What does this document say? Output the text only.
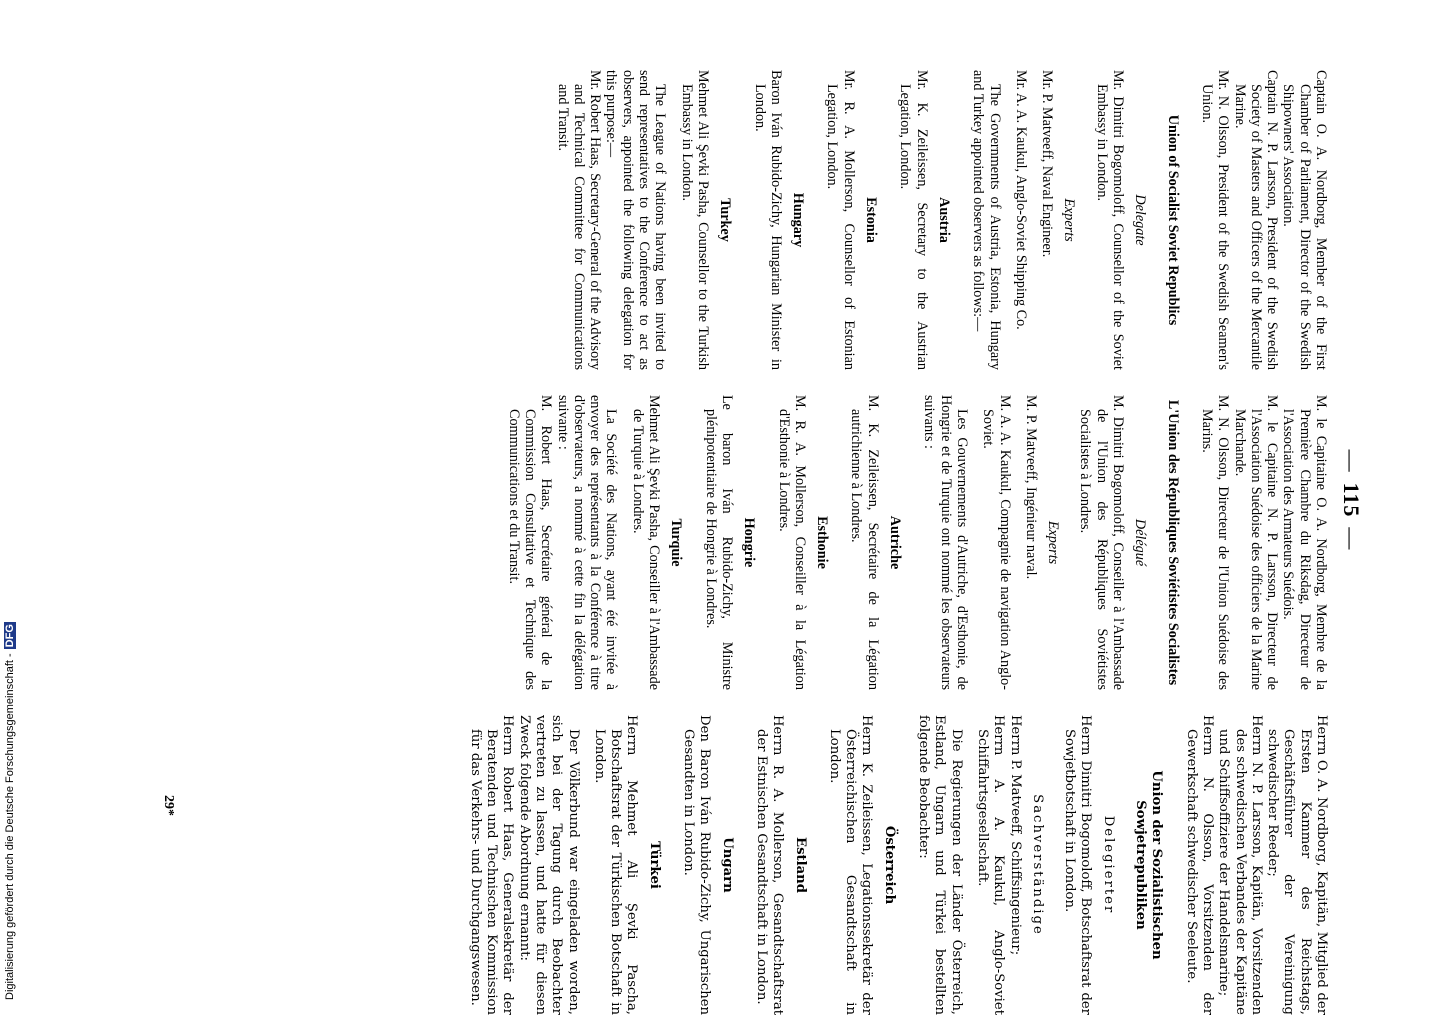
—115—

Captain O. A. Nordborg, Member of the First Chamber of Parliament, Director of the Swedish Shipowners' Association.

Captain N. P. Larsson, President of the Swedish Society of Masters and Officers of the Mercantile Marine.

Mr. N. Olsson, President of the Swedish Seamen's Union.

Union of Socialist Soviet Republics
Delegate

Mr. Dimitri Bogomoloff, Counsellor of the Soviet Embassy in London.

Experts

Mr. P. Matveeff, Naval Engineer.

Mr. A. A. Kaukul, Anglo-Soviet Shipping Co.

The Governments of Austria, Estonia, Hungary and Turkey appointed observers as follows:—

Austria

Mr. K. Zeileissen, Secretary to the Austrian Legation, London.

Estonia

Mr. R. A. Mollerson, Counsellor of Estonian Legation, London.

Hungary

Baron Iván Rubido-Zichy, Hungarian Minister in London.

Turkey

Mehmet Ali Şevki Pasha, Counsellor to the Turkish Embassy in London.

The League of Nations having been invited to send representatives to the Conference to act as observers, appointed the following delegation for this purpose:—

Mr. Robert Haas, Secretary-General of the Advisory and Technical Committee for Communications and Transit.

M. le Capitaine O. A. Nordborg, Membre de la Première Chambre du Riksdag, Directeur de l'Association des Armateurs Suédois.

M. le Capitaine N. P. Larsson, Directeur de l'Association Suédoise des officiers de la Marine Marchande.

M. N. Olsson, Directeur de l'Union Suédoise des Marins.

L'Union des Républiques Soviétistes Socialistes
Délégué

M. Dimitri Bogomoloff, Conseiller à l'Ambassade de l'Union des Républiques Soviétistes Socialistes à Londres.

Experts

M. P. Matveeff, Ingénieur naval.

M. A. A. Kaukul, Compagnie de navigation Anglo-Soviet.

Les Gouvernements d'Autriche, d'Esthonie, de Hongrie et de Turquie ont nommé les observateurs suivants :

Autriche

M. K. Zeileissen, Secrétaire de la Légation autrichienne à Londres.

Esthonie

M. R. A. Mollerson, Conseiller à la Légation d'Esthonie à Londres.

Hongrie

Le baron Iván Rubido-Zichy, Ministre plénipotentiaire de Hongrie à Londres.

Turquie

Mehmet Ali Şevki Pasha, Conseiller à l'Ambassade de Turquie à Londres.

La Société des Nations, ayant été invitée à envoyer des représentants à la Conférence à titre d'observateurs, a nommé à cette fin la délégation suivante :

M. Robert Haas, Secrétaire général de la Commission Consultative et Technique des Communications et du Transit.

Herrn O. A. Nordborg, Kapitän, Mitglied der Ersten Kammer des Reichstags, Geschäftsführer der Vereinigung schwedischer Reeder;

Herrn N. P. Larsson, Kapitän, Vorsitzenden des schwedischen Verbandes der Kapitäne und Schiffsoffiziere der Handelsmarine;

Herrn N. Olsson, Vorsitzenden der Gewerkschaft schwedischer Seeleute.

Union der Sozialistischen Sowjetrepubliken
Delegierter

Herrn Dimitri Bogomoloff, Botschaftsrat der Sowjetbotschaft in London.

Sachverständige

Herrn P. Matveeff, Schiffsingenieur;

Herrn A. A. Kaukul, Anglo-Soviet Schiffahrtsgesellschaft.

Die Regierungen der Länder Österreich, Estland, Ungarn und Türkei bestellten folgende Beobachter:

Österreich

Herrn K. Zeileissen, Legationssekretär der Österreichischen Gesandtschaft in London.

Estland

Herrn R. A. Mollerson, Gesandtschaftsrat der Estnischen Gesandtschaft in London.

Ungarn

Den Baron Iván Rubido-Zichy, Ungarischen Gesandten in London.

Türkei

Herrn Mehmet Ali Şevki Pascha, Botschaftsrat der Türkischen Botschaft in London.

Der Völkerbund war eingeladen worden, sich bei der Tagung durch Beobachter vertreten zu lassen, und hatte für diesen Zweck folgende Abordnung ernannt:

Herrn Robert Haas, Generalsekretär der Beratenden und Technischen Kommission für das Verkehrs- und Durchgangswesen.

29*
Digitalisierung gefördert durch die Deutsche Forschungsgemeinschaft -DFG
